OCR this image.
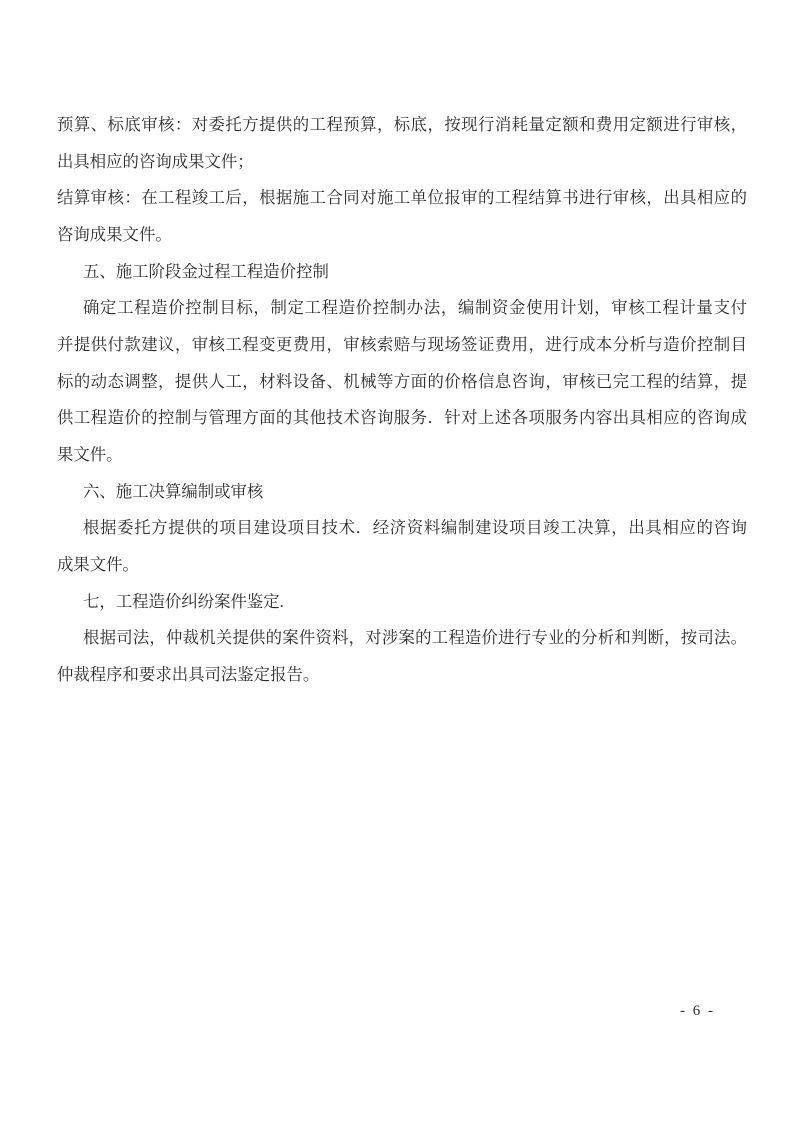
预算、标底审核：对委托方提供的工程预算，标底，按现行消耗量定额和费用定额进行审核，
出具相应的咨询成果文件；
结算审核：在工程竣工后，根据施工合同对施工单位报审的工程结算书进行审核，出具相应的
咨询成果文件。
五、施工阶段金过程工程造价控制
确定工程造价控制目标，制定工程造价控制办法，编制资金使用计划，审核工程计量支付
并提供付款建议，审核工程变更费用，审核索赔与现场签证费用，进行成本分析与造价控制目
标的动态调整，提供人工，材料设备、机械等方面的价格信息咨询，审核已完工程的结算，提
供工程造价的控制与管理方面的其他技术咨询服务．针对上述各项服务内容出具相应的咨询成
果文件。
六、施工决算编制或审核
根据委托方提供的项目建设项目技术．经济资料编制建设项目竣工决算，出具相应的咨询
成果文件。
七，工程造价纠纷案件鉴定.
根据司法，仲裁机关提供的案件资料，对涉案的工程造价进行专业的分析和判断，按司法。
仲裁程序和要求出具司法鉴定报告。
- 6 -
